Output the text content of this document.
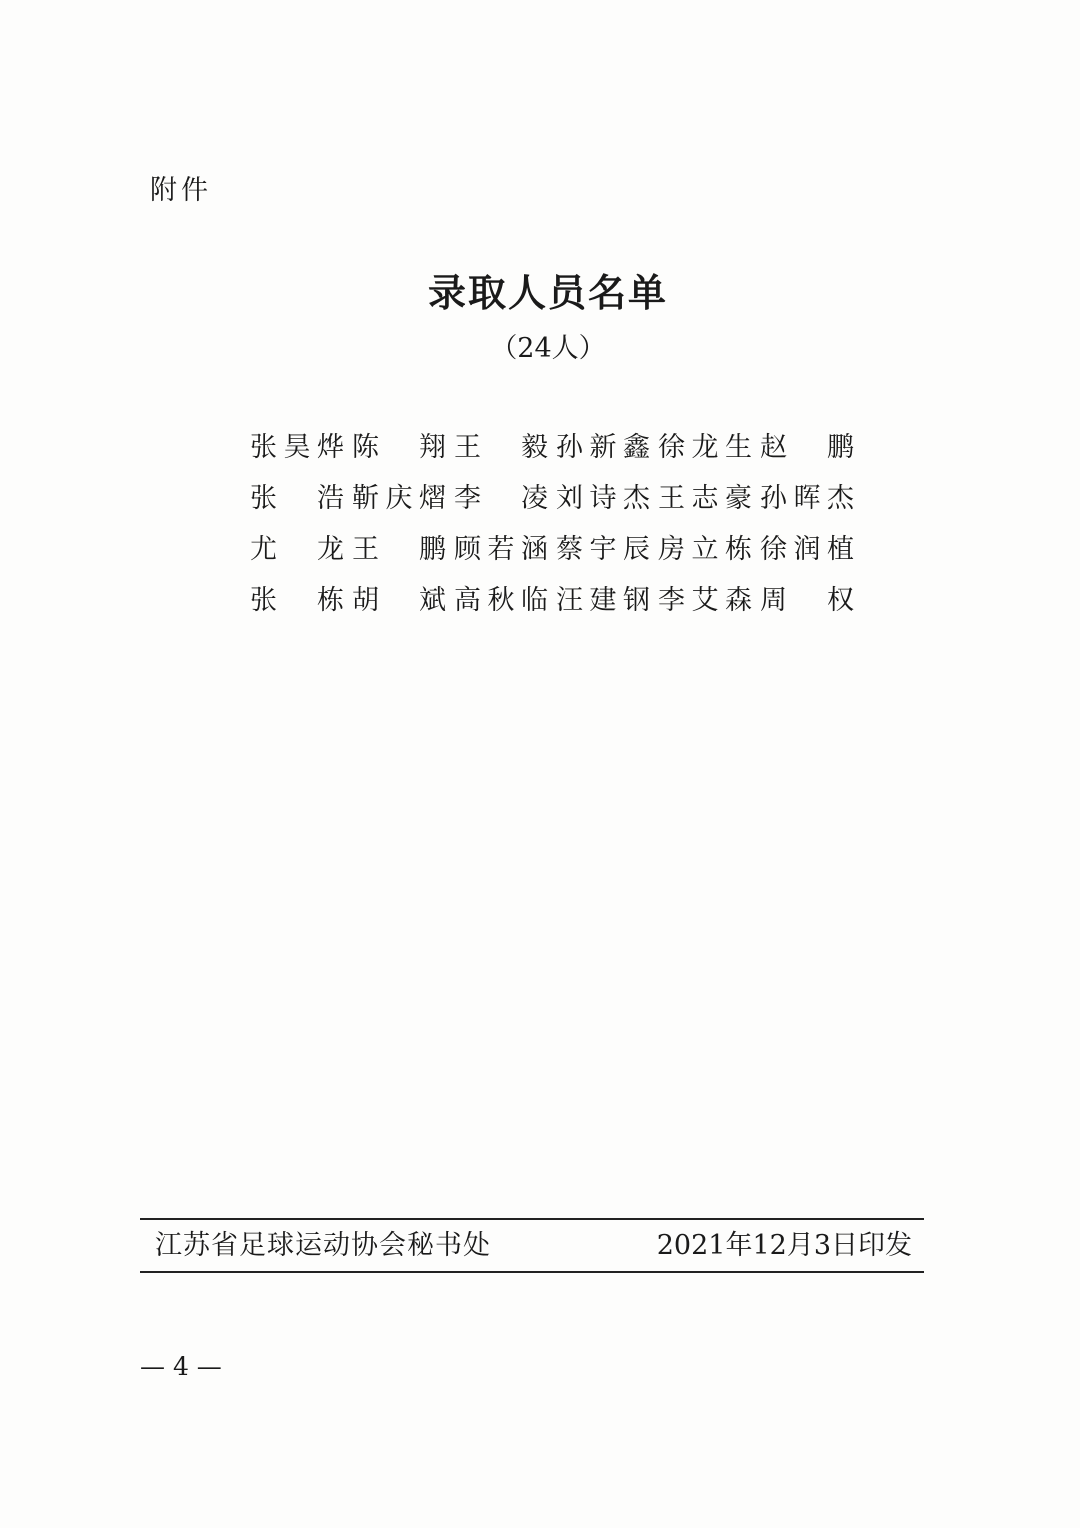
附件
录取人员名单
（24人）
张 昊 烨 陈 翔 王 毅 孙 新 鑫 徐 龙 生 赵 鹏
张 浩 靳 庆 熠 李 凌 刘 诗 杰 王 志 豪 孙 晖 杰
尤 龙 王 鹏 顾 若 涵 蔡 宇 辰 房 立 栋 徐 润 植
张 栋 胡 斌 高 秋 临 汪 建 钢 李 艾 森 周 权
江苏省足球运动协会秘书处	2021年12月3日印发
— 4 —
